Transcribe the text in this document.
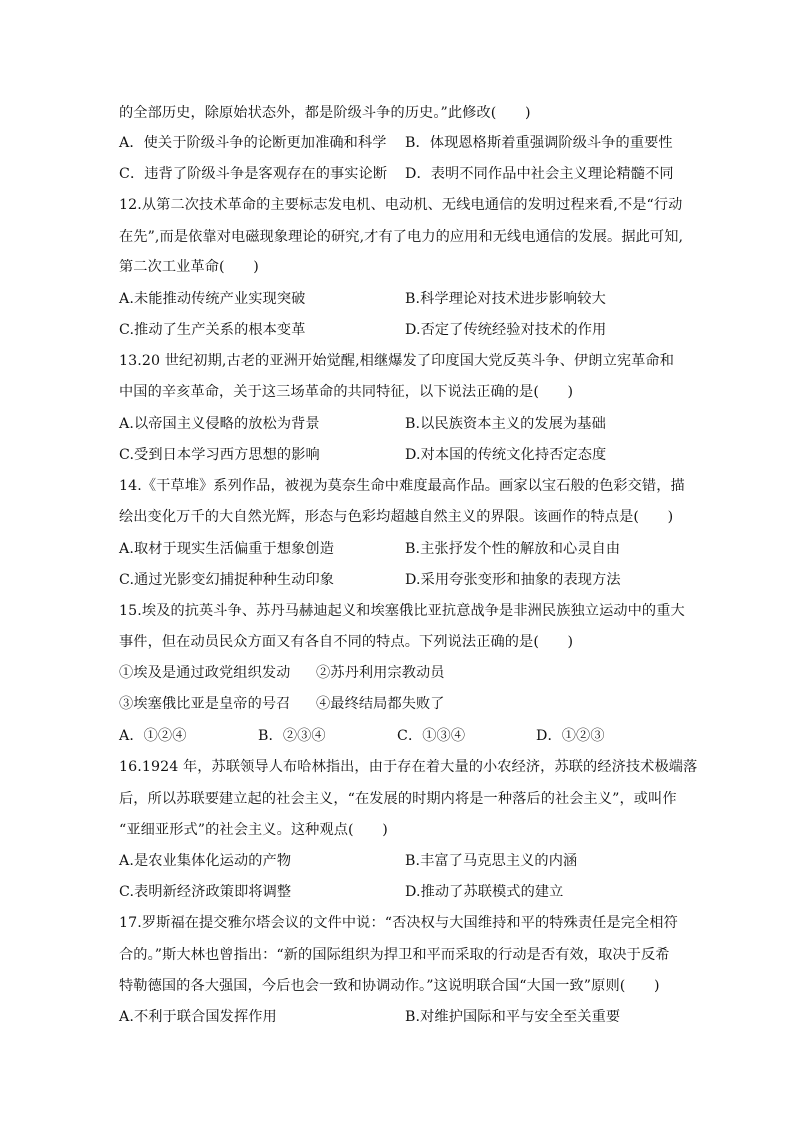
的全部历史，除原始状态外，都是阶级斗争的历史。”此修改(　　)
A．使关于阶级斗争的论断更加准确和科学 B．体现恩格斯着重强调阶级斗争的重要性
C．违背了阶级斗争是客观存在的事实论断 D．表明不同作品中社会主义理论精髓不同
12.从第二次技术革命的主要标志发电机、电动机、无线电通信的发明过程来看,不是“行动
在先”,而是依靠对电磁现象理论的研究,才有了电力的应用和无线电通信的发展。据此可知,
第二次工业革命(　　)
A.未能推动传统产业实现突破	B.科学理论对技术进步影响较大
C.推动了生产关系的根本变革	D.否定了传统经验对技术的作用
13.20 世纪初期,古老的亚洲开始觉醒,相继爆发了印度国大党反英斗争、伊朗立宪革命和
中国的辛亥革命，关于这三场革命的共同特征，以下说法正确的是(　　)
A.以帝国主义侵略的放松为背景	B.以民族资本主义的发展为基础
C.受到日本学习西方思想的影响	D.对本国的传统文化持否定态度
14.《干草堆》系列作品，被视为莫奈生命中难度最高作品。画家以宝石般的色彩交错，描
绘出变化万千的大自然光辉，形态与色彩均超越自然主义的界限。该画作的特点是(　　)
A.取材于现实生活偏重于想象创造	B.主张抒发个性的解放和心灵自由
C.通过光影变幻捕捉种种生动印象	D.采用夸张变形和抽象的表现方法
15.埃及的抗英斗争、苏丹马赫迪起义和埃塞俄比亚抗意战争是非洲民族独立运动中的重大
事件，但在动员民众方面又有各自不同的特点。下列说法正确的是(　　)
①埃及是通过政党组织发动 ②苏丹利用宗教动员
③埃塞俄比亚是皇帝的号召 ④最终结局都失败了
A．①②④	B．②③④	C．①③④	D．①②③
16.1924 年，苏联领导人布哈林指出，由于存在着大量的小农经济，苏联的经济技术极端落
后，所以苏联要建立起的社会主义，“在发展的时期内将是一种落后的社会主义”，或叫作
“亚细亚形式”的社会主义。这种观点(　　)
A.是农业集体化运动的产物	B.丰富了马克思主义的内涵
C.表明新经济政策即将调整	D.推动了苏联模式的建立
17.罗斯福在提交雅尔塔会议的文件中说：“否决权与大国维持和平的特殊责任是完全相符
合的。”斯大林也曾指出：“新的国际组织为捍卫和平而采取的行动是否有效，取决于反希
特勒德国的各大强国，今后也会一致和协调动作。”这说明联合国“大国一致”原则(　　)
A.不利于联合国发挥作用	B.对维护国际和平与安全至关重要
